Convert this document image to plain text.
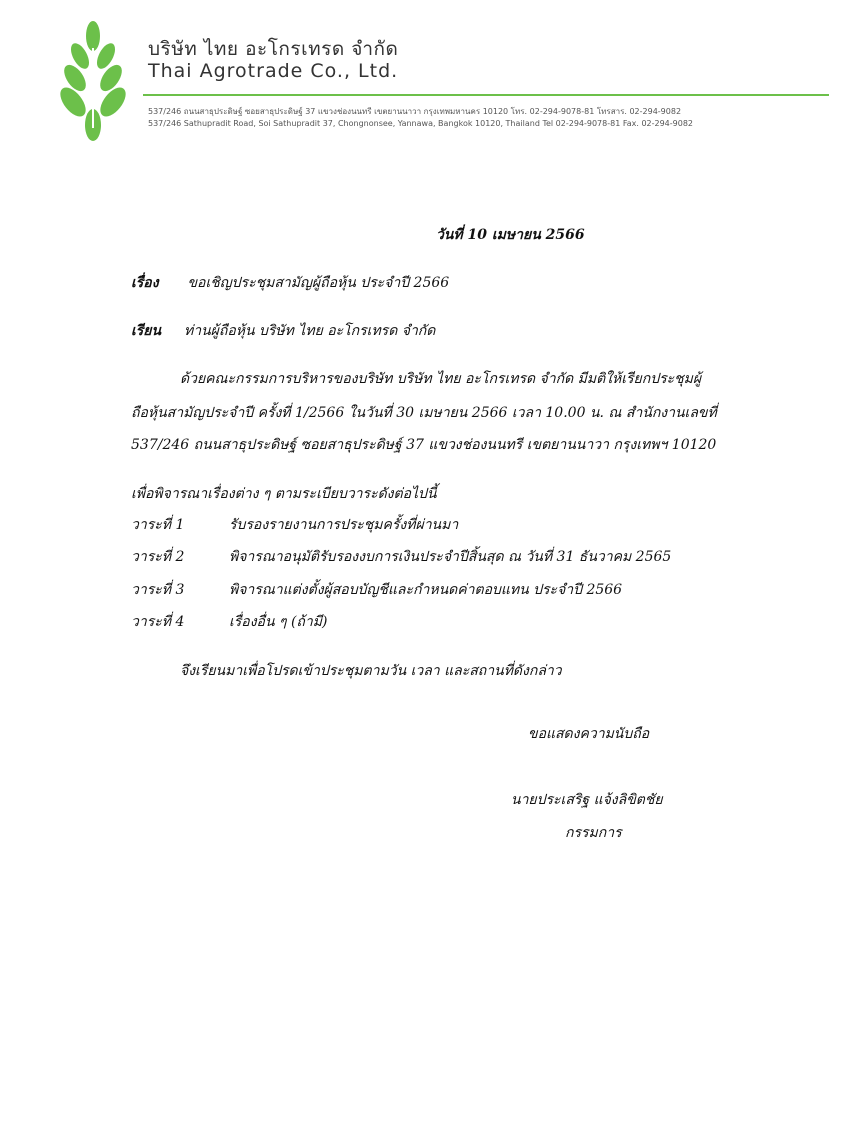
บริษัท ไทย อะโกรเทรด จำกัด
Thai Agrotrade Co., Ltd.
537/246 ถนนสาธุประดิษฐ์ ซอยสาธุประดิษฐ์ 37 แขวงช่องนนทรี เขตยานนาวา กรุงเทพมหานคร 10120 โทร. 02-294-9078-81 โทรสาร. 02-294-9082
537/246 Sathupradit Road, Soi Sathupradit 37, Chongnonsee, Yannawa, Bangkok 10120, Thailand Tel 02-294-9078-81 Fax. 02-294-9082
วันที่ 10 เมษายน 2566
เรื่อง ขอเชิญประชุมสามัญผู้ถือหุ้น ประจำปี 2566
เรียน ท่านผู้ถือหุ้น บริษัท ไทย อะโกรเทรด จำกัด
ด้วยคณะกรรมการบริหารของบริษัท บริษัท ไทย อะโกรเทรด จำกัด มีมติให้เรียกประชุมผู้
ถือหุ้นสามัญประจำปี ครั้งที่ 1/2566 ในวันที่ 30 เมษายน 2566 เวลา 10.00 น. ณ สำนักงานเลขที่
537/246 ถนนสาธุประดิษฐ์ ซอยสาธุประดิษฐ์ 37 แขวงช่องนนทรี เขตยานนาวา กรุงเทพฯ 10120
เพื่อพิจารณาเรื่องต่าง ๆ ตามระเบียบวาระดังต่อไปนี้
วาระที่ 1	รับรองรายงานการประชุมครั้งที่ผ่านมา
วาระที่ 2	พิจารณาอนุมัติรับรองงบการเงินประจำปีสิ้นสุด ณ วันที่ 31 ธันวาคม 2565
วาระที่ 3	พิจารณาแต่งตั้งผู้สอบบัญชีและกำหนดค่าตอบแทน ประจำปี 2566
วาระที่ 4	เรื่องอื่น ๆ (ถ้ามี)
จึงเรียนมาเพื่อโปรดเข้าประชุมตามวัน เวลา และสถานที่ดังกล่าว
ขอแสดงความนับถือ
นายประเสริฐ แจ้งลิขิตชัย
กรรมการ
